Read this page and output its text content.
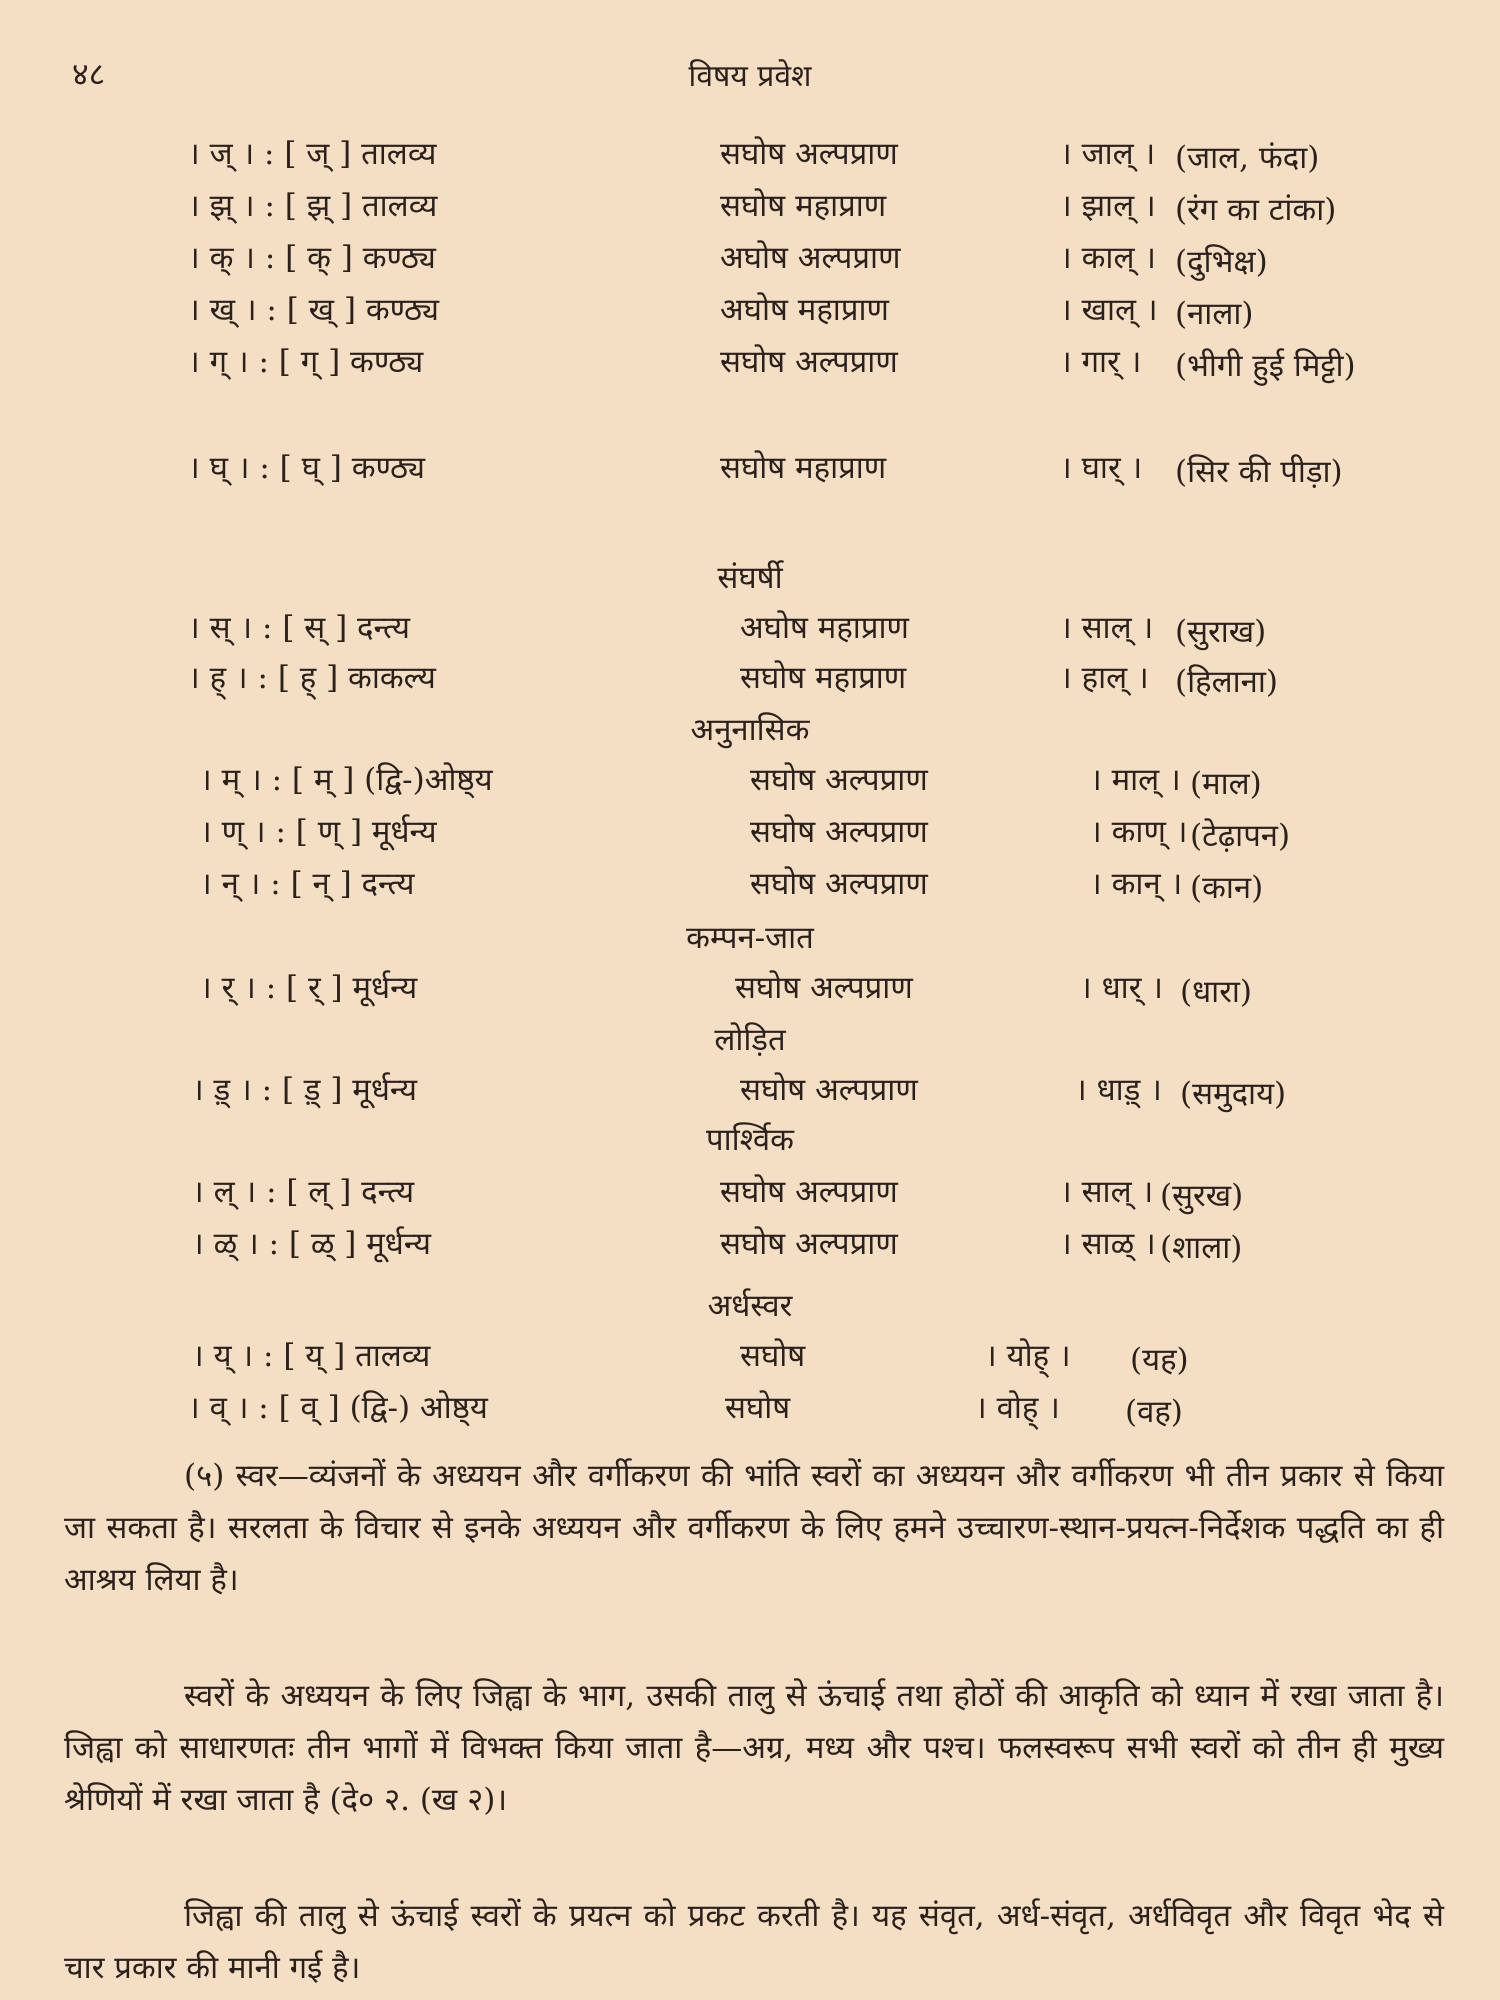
४८	विषय प्रवेश
। ज् । : [ ज् ] तालव्य	सघोष अल्पप्राण	। जाल् । (जाल, फंदा)
। झ् । : [ झ् ] तालव्य	सघोष महाप्राण	। झाल् । (रंग का टांका)
। क् । : [ क् ] कण्ठ्य	अघोष अल्पप्राण	। काल् । (दुभिक्ष)
। ख् । : [ ख् ] कण्ठ्य	अघोष महाप्राण	। खाल् । (नाला)
। ग् । : [ ग् ] कण्ठ्य	सघोष अल्पप्राण	। गार् । (भीगी हुई मिट्टी)
। घ् । : [ घ् ] कण्ठ्य	सघोष महाप्राण	। घार् । (सिर की पीड़ा)
संघर्षी
। स् । : [ स् ] दन्त्य	अघोष महाप्राण	। साल् । (सुराख)
। ह् । : [ ह् ] काकल्य	सघोष महाप्राण	। हाल् । (हिलाना)
अनुनासिक
। म् । : [ म् ] (द्वि-)ओष्ठ्य	सघोष अल्पप्राण	। माल् । (माल)
। ण् । : [ ण् ] मूर्धन्य	सघोष अल्पप्राण	। काण् । (टेढ़ापन)
। न् । : [ न् ] दन्त्य	सघोष अल्पप्राण	। कान् । (कान)
कम्पन-जात
। र् । : [ र् ] मूर्धन्य	सघोष अल्पप्राण	। धार् । (धारा)
लोड़ित
। ड़् । : [ ड़् ] मूर्धन्य	सघोष अल्पप्राण	। धाड़् । (समुदाय)
पार्श्विक
। ल् । : [ ल् ] दन्त्य	सघोष अल्पप्राण	। साल् । (सुरख)
। ळ् । : [ ळ् ] मूर्धन्य	सघोष अल्पप्राण	। साळ् । (शाला)
अर्धस्वर
। य् । : [ य् ] तालव्य	सघोष	। योह् । (यह)
। व् । : [ व् ] (द्वि-) ओष्ठ्य	सघोष	। वोह् । (वह)
(५) स्वर—व्यंजनों के अध्ययन और वर्गीकरण की भांति स्वरों का अध्ययन और वर्गीकरण भी तीन प्रकार से किया जा सकता है। सरलता के विचार से इनके अध्ययन और वर्गीकरण के लिए हमने उच्चारण-स्थान-प्रयत्न-निर्देशक पद्धति का ही आश्रय लिया है।
स्वरों के अध्ययन के लिए जिह्वा के भाग, उसकी तालु से ऊंचाई तथा होठों की आकृति को ध्यान में रखा जाता है। जिह्वा को साधारणतः तीन भागों में विभक्त किया जाता है—अग्र, मध्य और पश्च। फलस्वरूप सभी स्वरों को तीन ही मुख्य श्रेणियों में रखा जाता है (दे० २. (ख २)।
जिह्वा की तालु से ऊंचाई स्वरों के प्रयत्न को प्रकट करती है। यह संवृत, अर्ध-संवृत, अर्धविवृत और विवृत भेद से चार प्रकार की मानी गई है।
